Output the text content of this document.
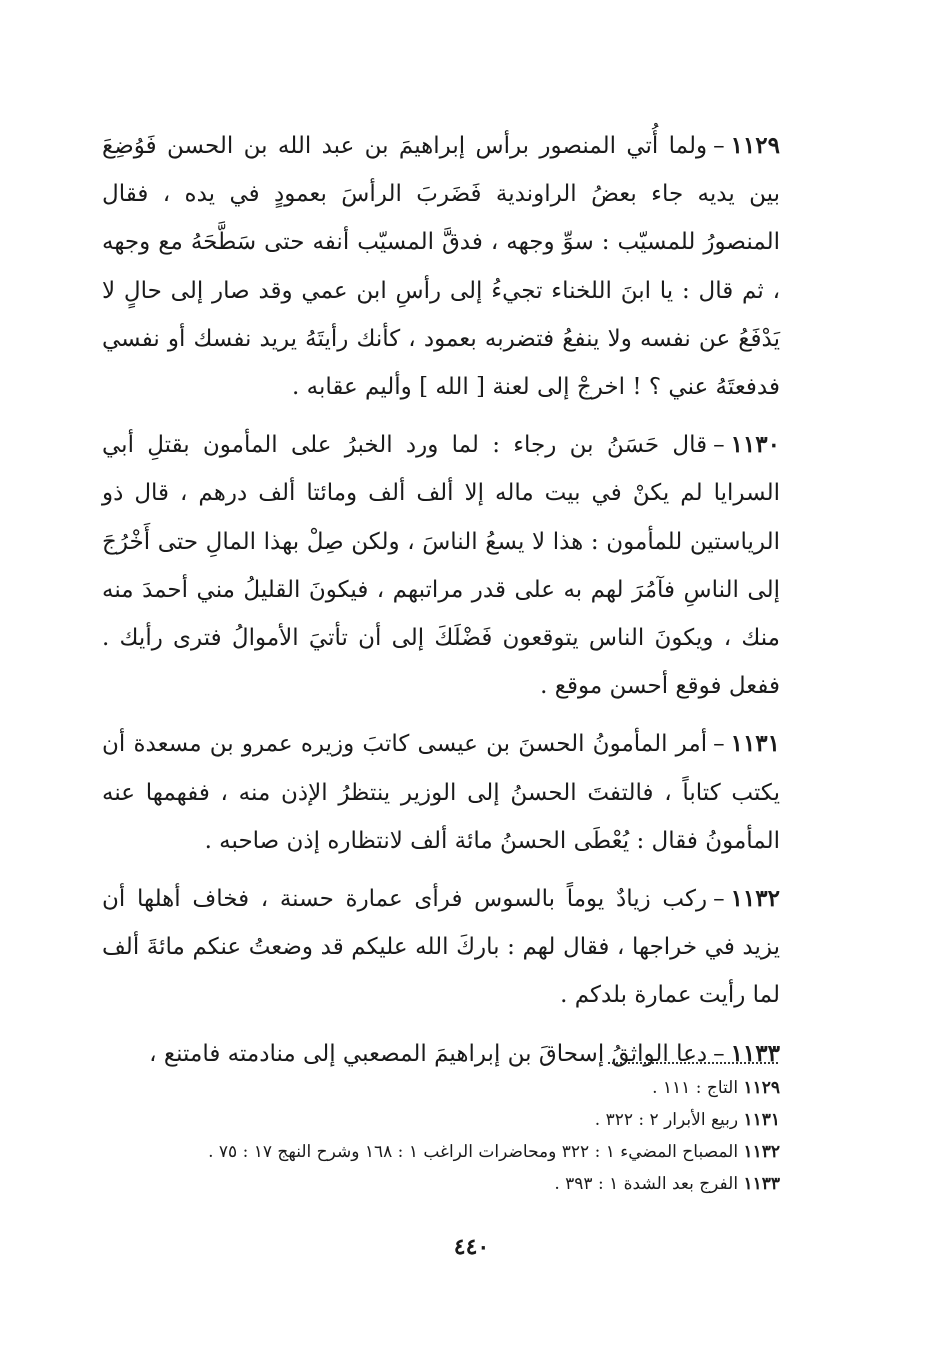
١١٢٩–ولما أُتي المنصور برأس إبراهيمَ بن عبد الله بن الحسن فَوُضِعَ بين يديه جاء بعضُ الراوندية فَضَربَ الرأسَ بعمودٍ في يده ، فقال المنصورُ للمسيّب : سوِّ وجهه ، فدقَّ المسيّب أنفه حتى سَطَّحَهُ مع وجهه ، ثم قال : يا ابنَ اللخناء تجيءُ إلى رأسِ ابن عمي وقد صار إلى حالٍ لا يَدْفَعُ عن نفسه ولا ينفعُ فتضربه بعمود ، كأنك رأيتَهُ يريد نفسك أو نفسي فدفعتَهُ عني ؟ ! اخرجْ إلى لعنة [ الله ] وأليم عقابه .

١١٣٠–قال حَسَنُ بن رجاء : لما ورد الخبرُ على المأمون بقتلِ أبي السرايا لم يكنْ في بيت ماله إلا ألف ألف ومائتا ألف درهم ، قال ذو الرياستين للمأمون : هذا لا يسعُ الناسَ ، ولكن صِلْ بهذا المالِ حتى أَخْرُجَ إلى الناسِ فآمُرَ لهم به على قدر مراتبهم ، فيكونَ القليلُ مني أحمدَ منه منك ، ويكونَ الناس يتوقعون فَضْلَكَ إلى أن تأتيَ الأموالُ فترى رأيك . ففعل فوقع أحسن موقع .

١١٣١–أمر المأمونُ الحسنَ بن عيسى كاتبَ وزيره عمرو بن مسعدة أن يكتب كتاباً ، فالتفتَ الحسنُ إلى الوزير ينتظرُ الإذن منه ، ففهمها عنه المأمونُ فقال : يُعْطَى الحسنُ مائة ألف لانتظاره إذن صاحبه .

١١٣٢–ركب زيادٌ يوماً بالسوس فرأى عمارة حسنة ، فخاف أهلها أن يزيد في خراجها ، فقال لهم : باركَ الله عليكم قد وضعتُ عنكم مائةَ ألف لما رأيت عمارة بلدكم .

١١٣٣–دعا الواثقُ إسحاقَ بن إبراهيمَ المصعبي إلى منادمته فامتنع ،

١١٢٩ التاج : ١١١ .
١١٣١ ربيع الأبرار ٢ : ٣٢٢ .
١١٣٢ المصباح المضيء ١ : ٣٢٢ ومحاضرات الراغب ١ : ١٦٨ وشرح النهج ١٧ : ٧٥ .
١١٣٣ الفرج بعد الشدة ١ : ٣٩٣ .
٤٤٠
